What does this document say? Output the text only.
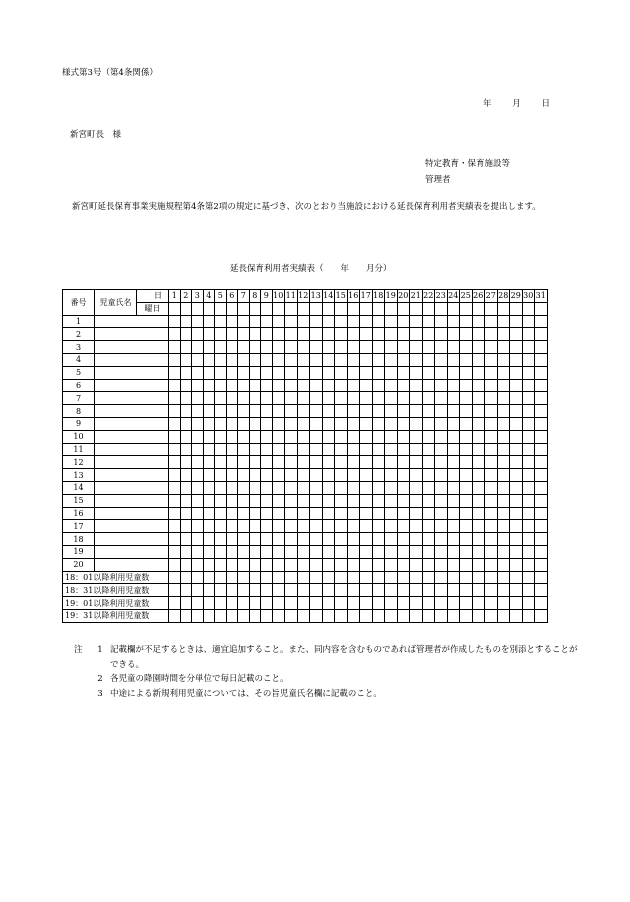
様式第3号（第4条関係）
年 月 日
新宮町長　様
特定教育・保育施設等
管理者
新宮町延長保育事業実施規程第4条第2項の規定に基づき、次のとおり当施設における延長保育利用者実績表を提出します。
延長保育利用者実績表（　　年　　月分）
番号	児童氏名	日	1	2	3	4	5	6	7	8	9	10	11	12	13	14	15	16	17	18	19	20	21	22	23	24	25	26	27	28	29	30	31
		曜日																															
1																																	
2																																	
3																																	
4																																	
5																																	
6																																	
7																																	
8																																	
9																																	
10																																	
11																																	
12																																	
13																																	
14																																	
15																																	
16																																	
17																																	
18																																	
19																																	
20																																	
18：01以降利用児童数																																	
18：31以降利用児童数																																	
19：01以降利用児童数																																	
19：31以降利用児童数																																	
注	1 記載欄が不足するときは、適宜追加すること。また、同内容を含むものであれば管理者が作成したものを別添とすることができる。
2 各児童の降園時間を分単位で毎日記載のこと。
3 中途による新規利用児童については、その旨児童氏名欄に記載のこと。
